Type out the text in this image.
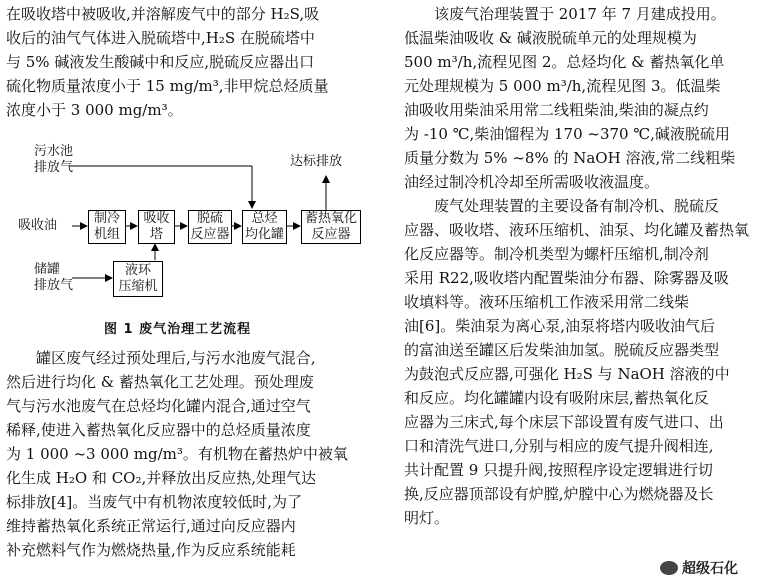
在吸收塔中被吸收,并溶解废气中的部分 H₂S,吸
收后的油气气体进入脱硫塔中,H₂S 在脱硫塔中
与 5% 碱液发生酸碱中和反应,脱硫反应器出口
硫化物质量浓度小于 15 mg/m³,非甲烷总烃质量
浓度小于 3 000 mg/m³。
污水池
排放气
吸收油
储罐
排放气
达标排放
制冷
机组
吸收
塔
脱硫
反应器
总烃
均化罐
蓄热氧化
反应器
液环
压缩机
图 1 废气治理工艺流程
罐区废气经过预处理后,与污水池废气混合,
然后进行均化 & 蓄热氧化工艺处理。预处理废
气与污水池废气在总烃均化罐内混合,通过空气
稀释,使进入蓄热氧化反应器中的总烃质量浓度
为 1 000 ~3 000 mg/m³。有机物在蓄热炉中被氧
化生成 H₂O 和 CO₂,并释放出反应热,处理气达
标排放[4]。当废气中有机物浓度较低时,为了
维持蓄热氧化系统正常运行,通过向反应器内
补充燃料气作为燃烧热量,作为反应系统能耗
该废气治理装置于 2017 年 7 月建成投用。
低温柴油吸收 & 碱液脱硫单元的处理规模为
500 m³/h,流程见图 2。总烃均化 & 蓄热氧化单
元处理规模为 5 000 m³/h,流程见图 3。低温柴
油吸收用柴油采用常二线粗柴油,柴油的凝点约
为 -10 ℃,柴油馏程为 170 ~370 ℃,碱液脱硫用
质量分数为 5% ~8% 的 NaOH 溶液,常二线粗柴
油经过制冷机冷却至所需吸收液温度。
废气处理装置的主要设备有制冷机、脱硫反
应器、吸收塔、液环压缩机、油泵、均化罐及蓄热氧
化反应器等。制冷机类型为螺杆压缩机,制冷剂
采用 R22,吸收塔内配置柴油分布器、除雾器及吸
收填料等。液环压缩机工作液采用常二线柴
油[6]。柴油泵为离心泵,油泵将塔内吸收油气后
的富油送至罐区后发柴油加氢。脱硫反应器类型
为鼓泡式反应器,可强化 H₂S 与 NaOH 溶液的中
和反应。均化罐罐内设有吸附床层,蓄热氧化反
应器为三床式,每个床层下部设置有废气进口、出
口和清洗气进口,分别与相应的废气提升阀相连,
共计配置 9 只提升阀,按照程序设定逻辑进行切
换,反应器顶部设有炉膛,炉膛中心为燃烧器及长
明灯。
超级石化
